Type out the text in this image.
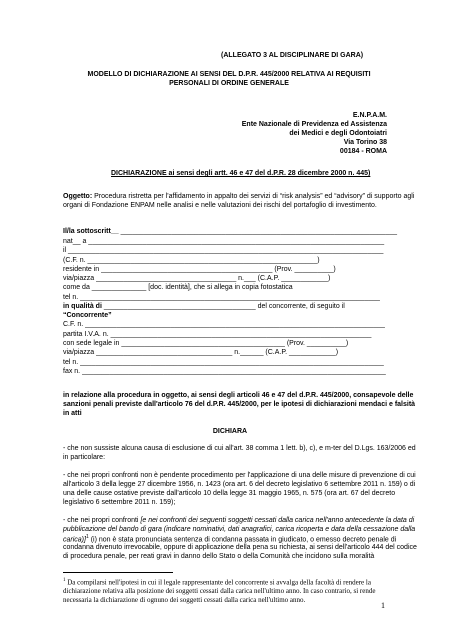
(ALLEGATO 3 AL DISCIPLINARE DI GARA)
MODELLO DI DICHIARAZIONE AI SENSI DEL D.P.R. 445/2000 RELATIVA AI REQUISITI
PERSONALI DI ORDINE GENERALE
E.N.P.A.M.
Ente Nazionale di Previdenza ed Assistenza
dei Medici e degli Odontoiatri
Via Torino 38
00184 - ROMA
DICHIARAZIONE ai sensi degli artt. 46 e 47 del d.P.R. 28 dicembre 2000 n. 445)
Oggetto: Procedura ristretta per l'affidamento in appalto dei servizi di “risk analysis” ed “advisory” di supporto agli
organi di Fondazione ENPAM nelle analisi e nelle valutazioni dei rischi del portafoglio di investimento.
Il/la sottoscritt__ _______________________________________________________________________
nat__ a ____________________________________________________________________________
il _________________________________________________________________________________
(C.F. n. ___________________________________________________________)
residente in ____________________________________________ (Prov. __________)
via/piazza ____________________________________ n.___ (C.A.P. ____________)
come da ______________ [doc. identità], che si allega in copia fotostatica
tel n. _____________________________________________________________________________
in qualità di _______________________________________ del concorrente, di seguito il
“Concorrente”
C.F. n. _____________________________________________________________________________
partita I.V.A. n. ___________________________________________________________________
con sede legale in __________________________________________ (Prov. __________)
via/piazza ___________________________________ n.______ (C.A.P. ____________)
tel n. ______________________________________________________________________________
fax n. ______________________________________________________________________________
in relazione alla procedura in oggetto, ai sensi degli articoli 46 e 47 del d.P.R. 445/2000, consapevole delle
sanzioni penali previste dall'articolo 76 del d.P.R. 445/2000, per le ipotesi di dichiarazioni mendaci e falsità
in atti
DICHIARA
- che non sussiste alcuna causa di esclusione di cui all'art. 38 comma 1 lett. b), c), e m-ter del D.Lgs. 163/2006 ed
in particolare:
- che nei propri confronti non è pendente procedimento per l'applicazione di una delle misure di prevenzione di cui
all'articolo 3 della legge 27 dicembre 1956, n. 1423 (ora art. 6 del decreto legislativo 6 settembre 2011 n. 159) o di
una delle cause ostative previste dall'articolo 10 della legge 31 maggio 1965, n. 575 (ora art. 67 del decreto
legislativo 6 settembre 2011 n. 159);
- che nei propri confronti [e nei confronti dei seguenti soggetti cessati dalla carica nell'anno antecedente la data di
pubblicazione del bando di gara (indicare nominativi, dati anagrafici, carica ricoperta e data della cessazione dalla
carica)]$^1$ (i) non è stata pronunciata sentenza di condanna passata in giudicato, o emesso decreto penale di
condanna divenuto irrevocabile, oppure di applicazione della pena su richiesta, ai sensi dell'articolo 444 del codice
di procedura penale, per reati gravi in danno dello Stato o della Comunità che incidono sulla moralità
$^1$ Da compilarsi nell'ipotesi in cui il legale rappresentante del concorrente si avvalga della facoltà di rendere la
dichiarazione relativa alla posizione dei soggetti cessati dalla carica nell'ultimo anno. In caso contrario, si rende
necessaria la dichiarazione di ognuno dei soggetti cessati dalla carica nell'ultimo anno.
1
